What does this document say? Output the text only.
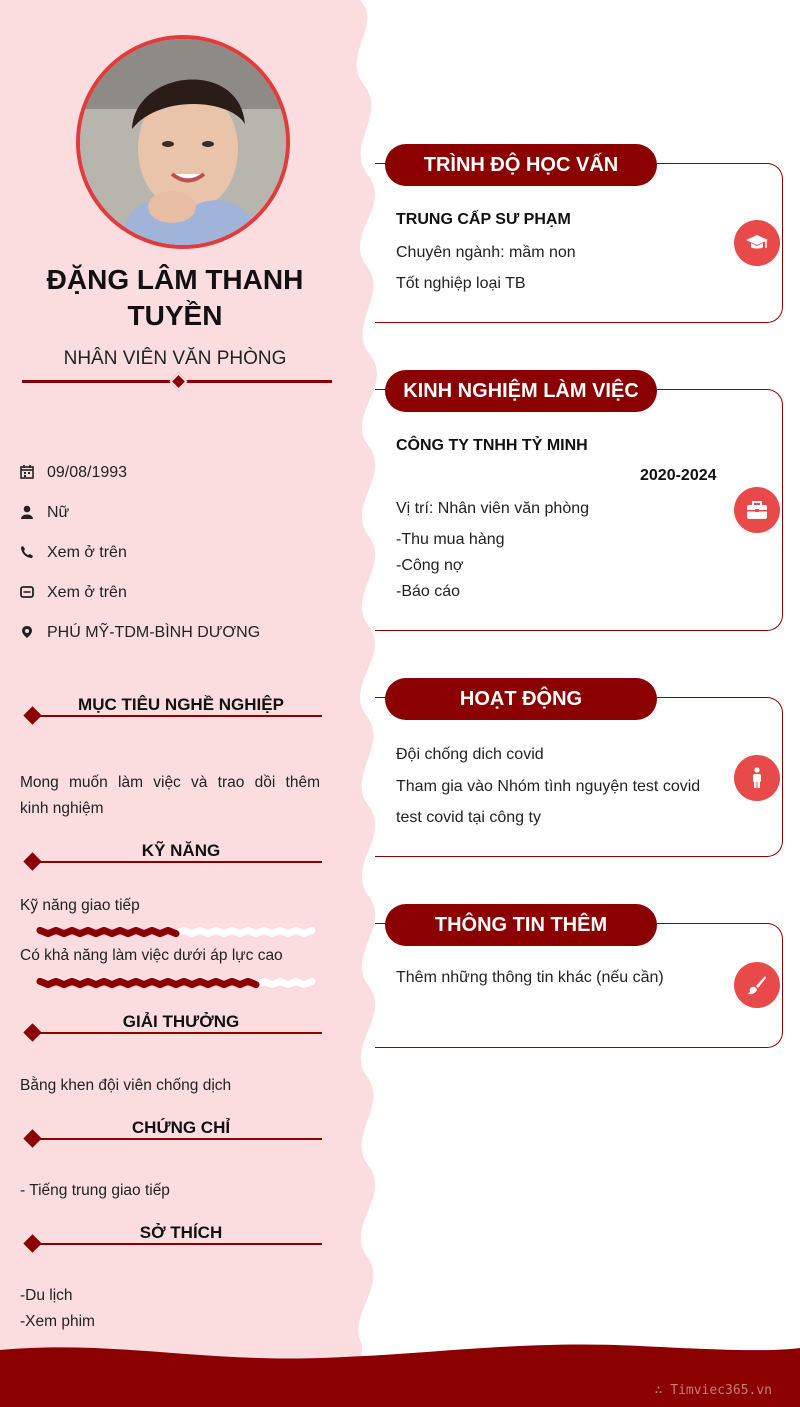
ĐẶNG LÂM THANH TUYỀN
NHÂN VIÊN VĂN PHÒNG
09/08/1993
Nữ
Xem ở trên
Xem ở trên
PHÚ MỸ-TDM-BÌNH DƯƠNG
MỤC TIÊU NGHỀ NGHIỆP
Mong muốn làm việc và trao dồi thêm
kinh nghiệm
KỸ NĂNG
Kỹ năng giao tiếp
Có khả năng làm việc dưới áp lực cao
GIẢI THƯỞNG
Bằng khen đội viên chống dịch
CHỨNG CHỈ
- Tiếng trung giao tiếp
SỞ THÍCH
-Du lịch
-Xem phim
TRÌNH ĐỘ HỌC VẤN
TRUNG CẤP SƯ PHẠM
Chuyên ngành: mầm non
Tốt nghiệp loại TB
KINH NGHIỆM LÀM VIỆC
CÔNG TY TNHH TỶ MINH
2020-2024
Vị trí: Nhân viên văn phòng
-Thu mua hàng
-Công nợ
-Báo cáo
HOẠT ĐỘNG
Đội chống dich covid
Tham gia vào Nhóm tình nguyện test covid
test covid tại công ty
THÔNG TIN THÊM
Thêm những thông tin khác (nếu cần)
∴ Timviec365.vn
